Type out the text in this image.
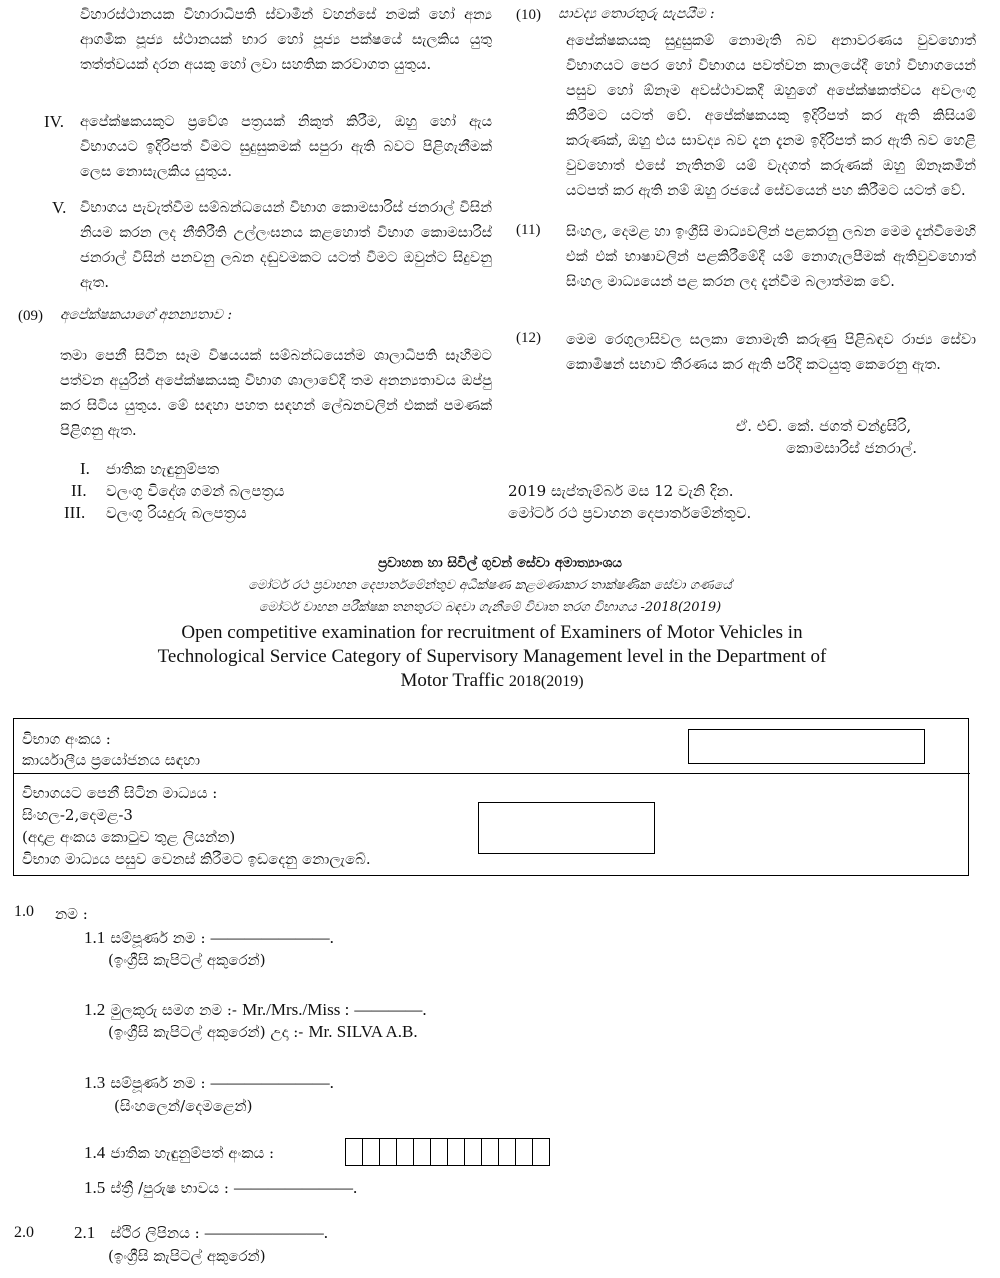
විහාරස්ථානයක විහාරාධිපති ස්වාමීන් වහන්සේ නමක් හෝ අන්‍ය ආගමික පූජ්‍ය ස්ථානයක් භාර හෝ පූජ්‍ය පක්ෂයේ සැලකිය යුතු තත්ත්වයක් දරන අයකු හෝ ලවා සහතික කරවාගත යුතුය.
IV. අපේක්ෂකයකුට ප්‍රවේශ පත්‍රයක් නිකුත් කිරීම, ඔහු හෝ ඇය විභාගයට ඉදිරිපත් වීමට සුදුසුකමක් සපුරා ඇති බවට පිළිගැනීමක් ලෙස නොසැලකිය යුතුය.
V. විභාගය පැවැත්වීම සම්බන්ධයෙන් විභාග කොමසාරිස් ජනරාල් විසින් නියම කරන ලද නීතිරීති උල්ලංඝනය කළහොත් විභාග කොමසාරිස් ජනරාල් විසින් පනවනු ලබන දඬුවමකට යටත් වීමට ඔවුන්ට සිදුවනු ඇත.
(09) අපේක්ෂකයාගේ අනන්‍යතාව :
තමා පෙනී සිටින සෑම විෂයයක් සම්බන්ධයෙන්ම ශාලාධිපති සෑහීමට පත්වන අයුරින් අපේක්ෂකයකු විභාග ශාලාවේදී තම අනන්‍යතාවය ඔප්පු කර සිටිය යුතුය. මේ සඳහා පහත සඳහන් ලේඛනවලින් එකක් පමණක් පිළිගනු ඇත.
I. ජාතික හැඳුනුම්පත
II. වලංගු විදේශ ගමන් බලපත්‍රය
III. වලංගු රියදුරු බලපත්‍රය
(10) සාවද්‍ය තොරතුරු සැපයීම :
අපේක්ෂකයකු සුදුසුකම් නොමැති බව අනාවරණය වුවහොත් විභාගයට පෙර හෝ විභාගය පවත්වන කාලයේදී හෝ විභාගයෙන් පසුව හෝ ඕනෑම අවස්ථාවකදී ඔහුගේ අපේක්ෂකත්වය අවලංගු කිරීමට යටත් වේ. අපේක්ෂකයකු ඉදිරිපත් කර ඇති කිසියම් කරුණක්, ඔහු එය සාවද්‍ය බව දැන දැනම ඉදිරිපත් කර ඇති බව හෙළි වුවහොත් එසේ නැතිනම් යම් වැදගත් කරුණක් ඔහු ඕනෑකමින් යටපත් කර ඇති නම් ඔහු රජයේ සේවයෙන් පහ කිරීමට යටත් වේ.
(11) සිංහල, දෙමළ හා ඉංග්‍රීසි මාධ්‍යවලින් පළකරනු ලබන මෙම දැන්වීමෙහි එක් එක් භාෂාවලින් පළකිරීමේදී යම් නොගැලපීමක් ඇතිවුවහොත් සිංහල මාධ්‍යයෙන් පළ කරන ලද දැන්වීම බලාත්මක වේ.
(12) මෙම රෙගුලාසිවල සලකා නොමැති කරුණු පිළිබඳව රාජ්‍ය සේවා කොමිෂන් සභාව තීරණය කර ඇති පරිදි කටයුතු කෙරෙනු ඇත.
ඒ. එච්. කේ. ජගත් චන්ද්‍රසිරි,
කොමසාරිස් ජනරාල්.
2019 සැප්තැම්බර් මස 12 වැනි දින.
මෝටර් රථ ප්‍රවාහන දෙපාර්තමේන්තුව.
ප්‍රවාහන හා සිවිල් ගුවන් සේවා අමාත්‍යාංශය
මෝටර් රථ ප්‍රවාහන දෙපාර්තමේන්තුව අධීක්ෂණ කළමණාකාර තාක්ෂණික සේවා ගණයේ
මෝටර් වාහන පරීක්ෂක තනතුරට බඳවා ගැනීමේ විවෘත තරග විභාගය -2018(2019)
Open competitive examination for recruitment of Examiners of Motor Vehicles in
Technological Service Category of Supervisory Management level in the Department of
Motor Traffic 2018(2019)
විභාග අංකය :
කාර්යාලීය ප්‍රයෝජනය සඳහා
විභාගයට පෙනී සිටින මාධ්‍යය :
සිංහල-2,දෙමළ-3
(අදාළ අංකය කොටුව තුළ ලියන්න)
විභාග මාධ්‍යය පසුව වෙනස් කිරීමට ඉඩදෙනු නොලැබේ.
1.0 නම :
1.1 සම්පූර්ණ නම : ———————.
(ඉංග්‍රීසි කැපිටල් අකුරෙන්)
1.2 මුලකුරු සමග නම :- Mr./Mrs./Miss : ————.
(ඉංග්‍රීසි කැපිටල් අකුරෙන්) උදා :- Mr. SILVA A.B.
1.3 සම්පූර්ණ නම : ———————.
(සිංහලෙන්/දෙමළෙන්)
1.4 ජාතික හැඳුනුම්පත් අංකය :
1.5 ස්ත්‍රී /පුරුෂ භාවය : ———————.
2.0 2.1 ස්ථිර ලිපිනය : ———————.
(ඉංග්‍රීසි කැපිටල් අකුරෙන්)
